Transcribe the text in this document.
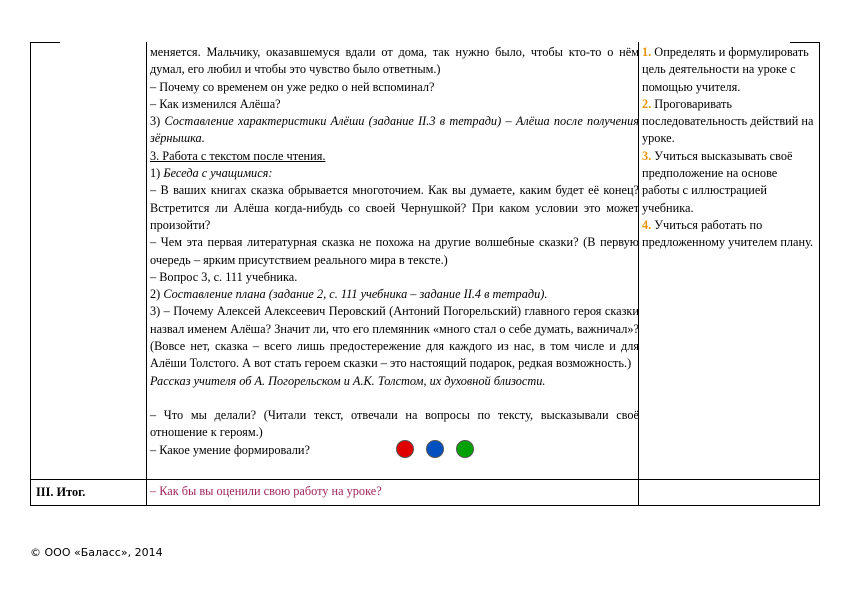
меняется. Мальчику, оказавшемуся вдали от дома, так нужно было, чтобы кто-то о нём думал, его любил и чтобы это чувство было ответным.)

– Почему со временем он уже редко о ней вспоминал?

– Как изменился Алёша?

3) Составление характеристики Алёши (задание II.3 в тетради) – Алёша после получения зёрнышка.

3. Работа с текстом после чтения.

1) Беседа с учащимися:

– В ваших книгах сказка обрывается многоточием. Как вы думаете, каким будет её конец? Встретится ли Алёша когда-нибудь со своей Чернушкой? При каком условии это может произойти?

– Чем эта первая литературная сказка не похожа на другие волшебные сказки? (В первую очередь – ярким присутствием реального мира в тексте.)

– Вопрос 3, с. 111 учебника.

2) Составление плана (задание 2, с. 111 учебника – задание II.4 в тетради).

3) – Почему Алексей Алексеевич Перовский (Антоний Погорельский) главного героя сказки назвал именем Алёша? Значит ли, что его племянник «много стал о себе думать, важничал»? (Вовсе нет, сказка – всего лишь предостережение для каждого из нас, в том числе и для Алёши Толстого. А вот стать героем сказки – это настоящий подарок, редкая возможность.)

Рассказ учителя об А. Погорельском и А.К. Толстом, их духовной близости.

– Что мы делали? (Читали текст, отвечали на вопросы по тексту, высказывали своё отношение к героям.)

– Какое умение формировали?

1. Определять и формулировать цель деятельности на уроке с помощью учителя.

2. Проговаривать последовательность действий на уроке.

3. Учиться высказывать своё предположение на основе работы с иллюстрацией учебника.

4. Учиться работать по предложенному учителем плану.

III. Итог.	– Как бы вы оценили свою работу на уроке?
© ООО «Баласс», 2014
